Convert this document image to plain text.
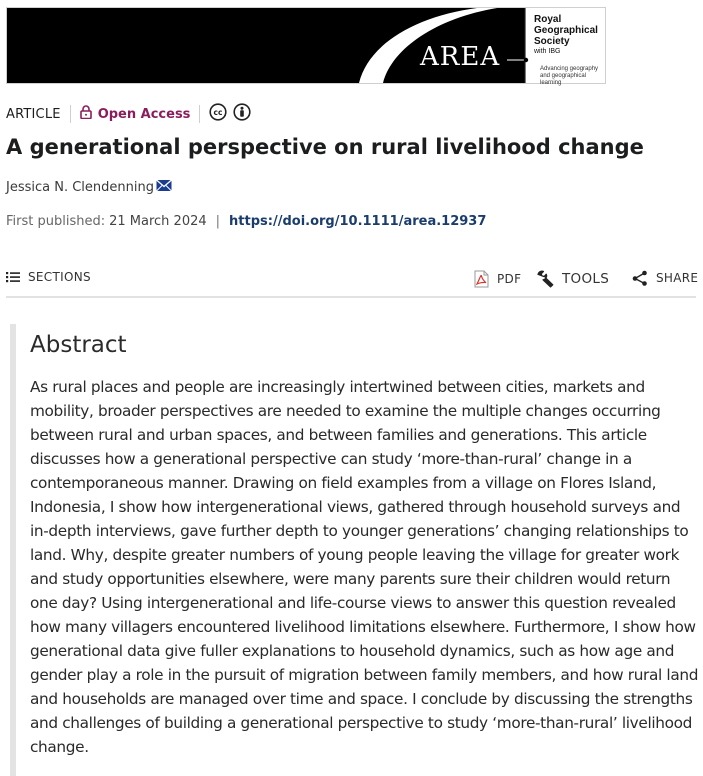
AREA
Royal
Geographical
Society
with IBG
Advancing geography
and geographical learning
ARTICLE	Open Access	cc
A generational perspective on rural livelihood change
Jessica N. Clendenning
First published: 21 March 2024 | https://doi.org/10.1111/area.12937
SECTIONS	PDF	TOOLS	SHARE
Abstract

As rural places and people are increasingly intertwined between cities, markets and mobility, broader perspectives are needed to examine the multiple changes occurring between rural and urban spaces, and between families and generations. This article discusses how a generational perspective can study ‘more-than-rural’ change in a contemporaneous manner. Drawing on field examples from a village on Flores Island, Indonesia, I show how intergenerational views, gathered through household surveys and in-depth interviews, gave further depth to younger generations’ changing relationships to land. Why, despite greater numbers of young people leaving the village for greater work and study opportunities elsewhere, were many parents sure their children would return one day? Using intergenerational and life-course views to answer this question revealed how many villagers encountered livelihood limitations elsewhere. Furthermore, I show how generational data give fuller explanations to household dynamics, such as how age and gender play a role in the pursuit of migration between family members, and how rural land and households are managed over time and space. I conclude by discussing the strengths and challenges of building a generational perspective to study ‘more-than-rural’ livelihood change.
